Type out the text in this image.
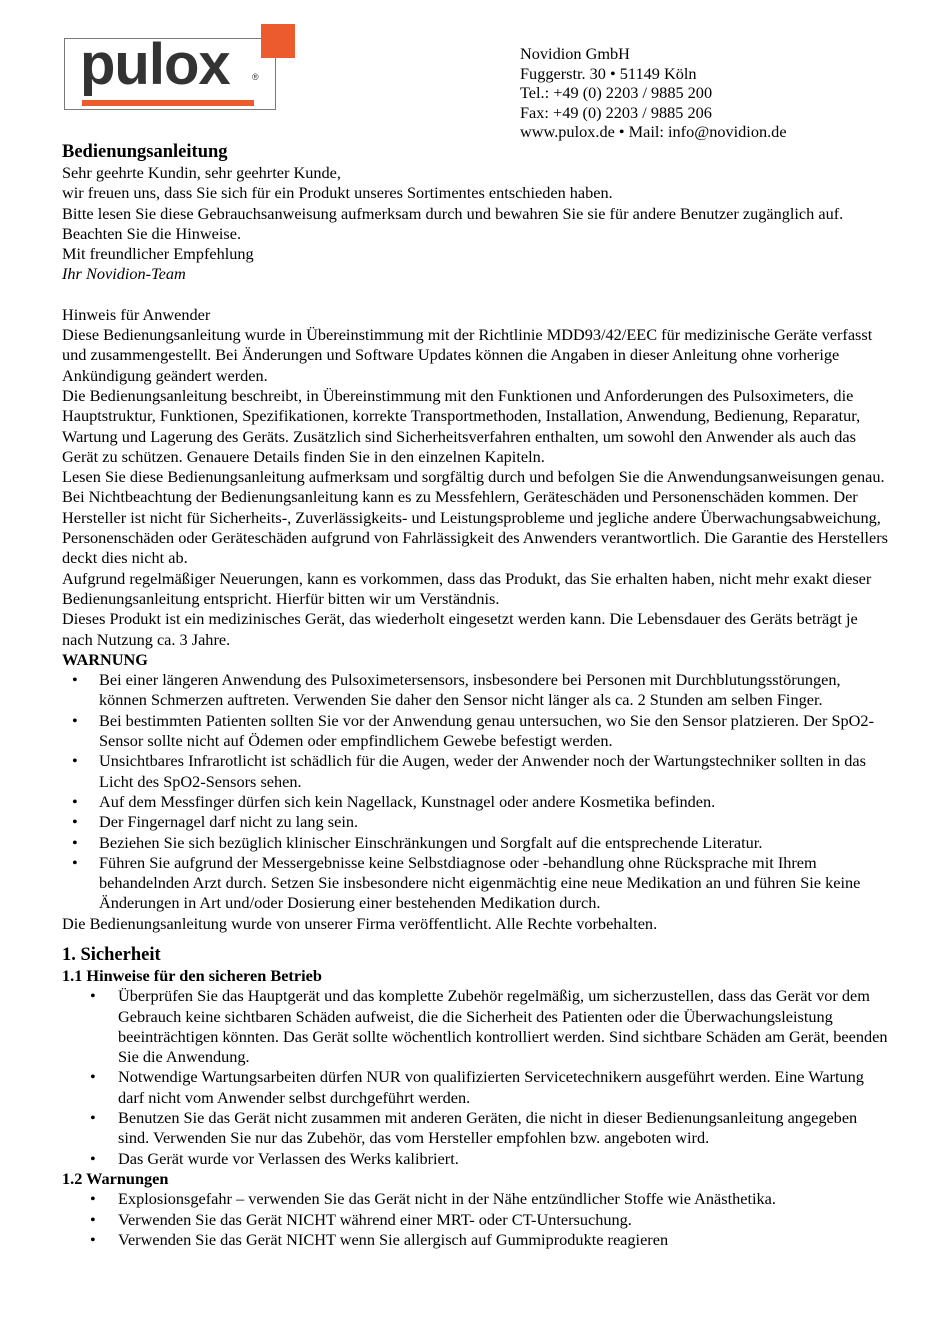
pulox ®
Novidion GmbH
Fuggerstr. 30 • 51149 Köln
Tel.: +49 (0) 2203 / 9885 200
Fax: +49 (0) 2203 / 9885 206
www.pulox.de • Mail: info@novidion.de

Bedienungsanleitung

Sehr geehrte Kundin, sehr geehrter Kunde,

wir freuen uns, dass Sie sich für ein Produkt unseres Sortimentes entschieden haben.

Bitte lesen Sie diese Gebrauchsanweisung aufmerksam durch und bewahren Sie sie für andere Benutzer zugänglich auf. Beachten Sie die Hinweise.

Mit freundlicher Empfehlung

Ihr Novidion-Team

Hinweis für Anwender

Diese Bedienungsanleitung wurde in Übereinstimmung mit der Richtlinie MDD93/42/EEC für medizinische Geräte verfasst und zusammengestellt. Bei Änderungen und Software Updates können die Angaben in dieser Anleitung ohne vorherige Ankündigung geändert werden.

Die Bedienungsanleitung beschreibt, in Übereinstimmung mit den Funktionen und Anforderungen des Pulsoximeters, die Hauptstruktur, Funktionen, Spezifikationen, korrekte Transportmethoden, Installation, Anwendung, Bedienung, Reparatur, Wartung und Lagerung des Geräts. Zusätzlich sind Sicherheitsverfahren enthalten, um sowohl den Anwender als auch das Gerät zu schützen. Genauere Details finden Sie in den einzelnen Kapiteln.

Lesen Sie diese Bedienungsanleitung aufmerksam und sorgfältig durch und befolgen Sie die Anwendungsanweisungen genau. Bei Nichtbeachtung der Bedienungsanleitung kann es zu Messfehlern, Geräteschäden und Personenschäden kommen. Der Hersteller ist nicht für Sicherheits-, Zuverlässigkeits- und Leistungsprobleme und jegliche andere Überwachungsabweichung, Personenschäden oder Geräteschäden aufgrund von Fahrlässigkeit des Anwenders verantwortlich. Die Garantie des Herstellers deckt dies nicht ab.

Aufgrund regelmäßiger Neuerungen, kann es vorkommen, dass das Produkt, das Sie erhalten haben, nicht mehr exakt dieser Bedienungsanleitung entspricht. Hierfür bitten wir um Verständnis.

Dieses Produkt ist ein medizinisches Gerät, das wiederholt eingesetzt werden kann. Die Lebensdauer des Geräts beträgt je nach Nutzung ca. 3 Jahre.

WARNUNG

• Bei einer längeren Anwendung des Pulsoximetersensors, insbesondere bei Personen mit Durchblutungsstörungen, können Schmerzen auftreten. Verwenden Sie daher den Sensor nicht länger als ca. 2 Stunden am selben Finger.
• Bei bestimmten Patienten sollten Sie vor der Anwendung genau untersuchen, wo Sie den Sensor platzieren. Der SpO2-Sensor sollte nicht auf Ödemen oder empfindlichem Gewebe befestigt werden.
• Unsichtbares Infrarotlicht ist schädlich für die Augen, weder der Anwender noch der Wartungstechniker sollten in das Licht des SpO2-Sensors sehen.
• Auf dem Messfinger dürfen sich kein Nagellack, Kunstnagel oder andere Kosmetika befinden.
• Der Fingernagel darf nicht zu lang sein.
• Beziehen Sie sich bezüglich klinischer Einschränkungen und Sorgfalt auf die entsprechende Literatur.
• Führen Sie aufgrund der Messergebnisse keine Selbstdiagnose oder -behandlung ohne Rücksprache mit Ihrem behandelnden Arzt durch. Setzen Sie insbesondere nicht eigenmächtig eine neue Medikation an und führen Sie keine Änderungen in Art und/oder Dosierung einer bestehenden Medikation durch.

Die Bedienungsanleitung wurde von unserer Firma veröffentlicht. Alle Rechte vorbehalten.

1. Sicherheit

1.1 Hinweise für den sicheren Betrieb

• Überprüfen Sie das Hauptgerät und das komplette Zubehör regelmäßig, um sicherzustellen, dass das Gerät vor dem Gebrauch keine sichtbaren Schäden aufweist, die die Sicherheit des Patienten oder die Überwachungsleistung beeinträchtigen könnten. Das Gerät sollte wöchentlich kontrolliert werden. Sind sichtbare Schäden am Gerät, beenden Sie die Anwendung.
• Notwendige Wartungsarbeiten dürfen NUR von qualifizierten Servicetechnikern ausgeführt werden. Eine Wartung darf nicht vom Anwender selbst durchgeführt werden.
• Benutzen Sie das Gerät nicht zusammen mit anderen Geräten, die nicht in dieser Bedienungsanleitung angegeben sind. Verwenden Sie nur das Zubehör, das vom Hersteller empfohlen bzw. angeboten wird.
• Das Gerät wurde vor Verlassen des Werks kalibriert.

1.2 Warnungen

• Explosionsgefahr – verwenden Sie das Gerät nicht in der Nähe entzündlicher Stoffe wie Anästhetika.
• Verwenden Sie das Gerät NICHT während einer MRT- oder CT-Untersuchung.
• Verwenden Sie das Gerät NICHT wenn Sie allergisch auf Gummiprodukte reagieren
